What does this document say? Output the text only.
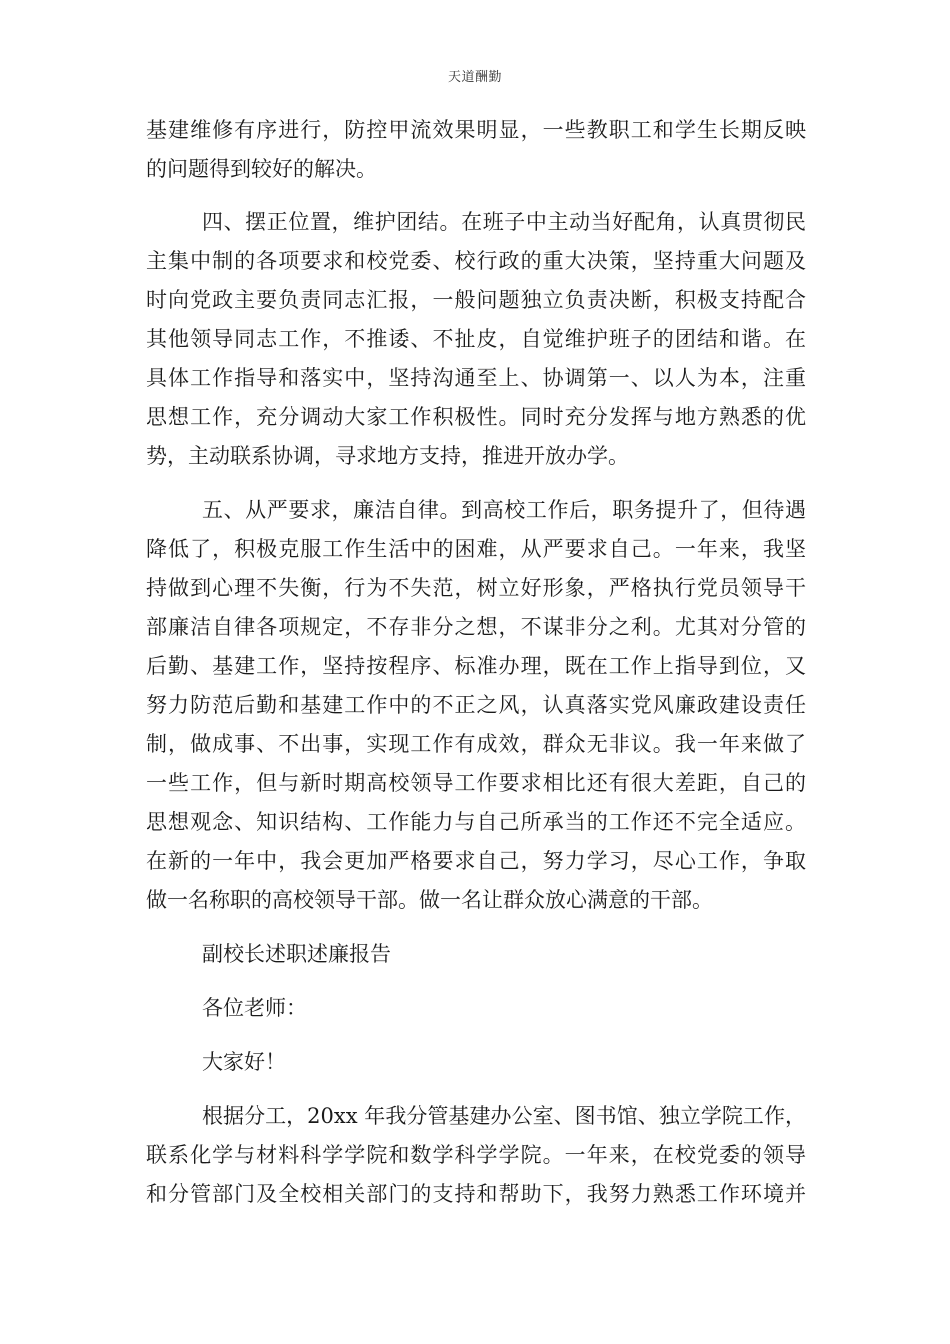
天道酬勤
基建维修有序进行，防控甲流效果明显，一些教职工和学生长期反映
的问题得到较好的解决。
四、摆正位置，维护团结。在班子中主动当好配角，认真贯彻民
主集中制的各项要求和校党委、校行政的重大决策，坚持重大问题及
时向党政主要负责同志汇报，一般问题独立负责决断，积极支持配合
其他领导同志工作，不推诿、不扯皮，自觉维护班子的团结和谐。在
具体工作指导和落实中，坚持沟通至上、协调第一、以人为本，注重
思想工作，充分调动大家工作积极性。同时充分发挥与地方熟悉的优
势，主动联系协调，寻求地方支持，推进开放办学。
五、从严要求，廉洁自律。到高校工作后，职务提升了，但待遇
降低了，积极克服工作生活中的困难，从严要求自己。一年来，我坚
持做到心理不失衡，行为不失范，树立好形象，严格执行党员领导干
部廉洁自律各项规定，不存非分之想，不谋非分之利。尤其对分管的
后勤、基建工作，坚持按程序、标准办理，既在工作上指导到位，又
努力防范后勤和基建工作中的不正之风，认真落实党风廉政建设责任
制，做成事、不出事，实现工作有成效，群众无非议。我一年来做了
一些工作，但与新时期高校领导工作要求相比还有很大差距，自己的
思想观念、知识结构、工作能力与自己所承当的工作还不完全适应。
在新的一年中，我会更加严格要求自己，努力学习，尽心工作，争取
做一名称职的高校领导干部。做一名让群众放心满意的干部。
副校长述职述廉报告
各位老师：
大家好！
根据分工，20xx 年我分管基建办公室、图书馆、独立学院工作，
联系化学与材料科学学院和数学科学学院。一年来，在校党委的领导
和分管部门及全校相关部门的支持和帮助下，我努力熟悉工作环境并
